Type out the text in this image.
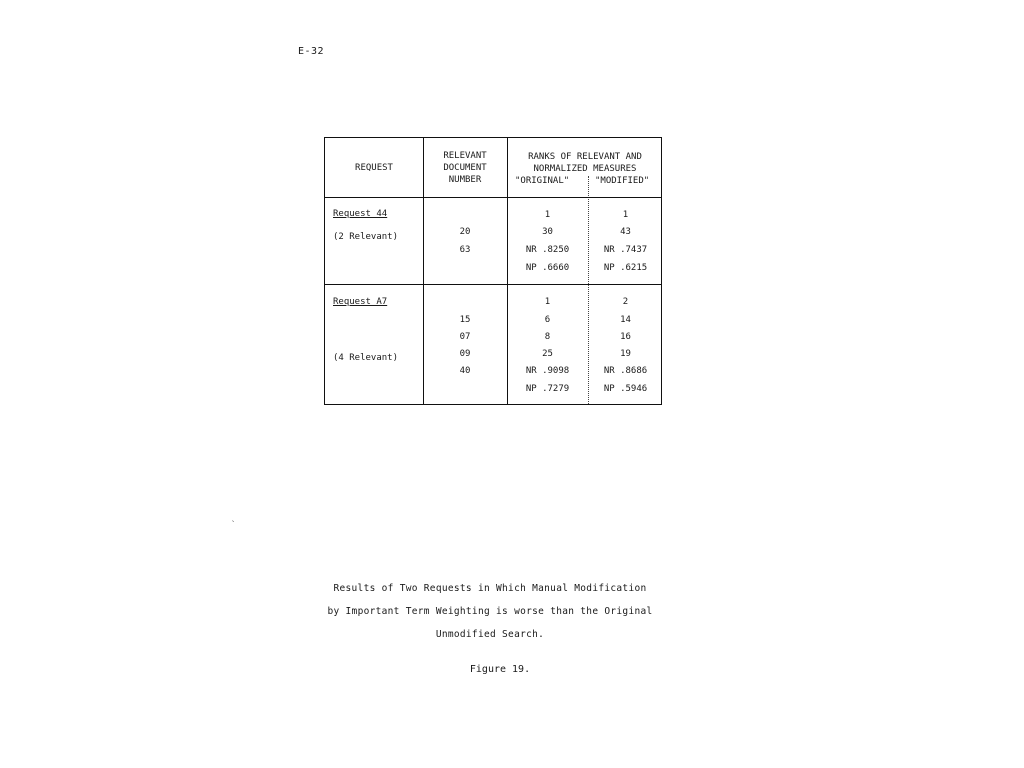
E-32
`
REQUEST
RELEVANT
DOCUMENT
NUMBER
RANKS OF RELEVANT AND
NORMALIZED MEASURES
"ORIGINAL"	"MODIFIED"
Request 44
(2 Relevant)	20
63
1
30
NR .8250
NP .6660
1
43
NR .7437
NP .6215
Request A7
(4 Relevant)
15
07
09
40
1
6
8
25
NR .9098
NP .7279
2
14
16
19
NR .8686
NP .5946
Results of Two Requests in Which Manual Modification
by Important Term Weighting is worse than the Original
Unmodified Search.
Figure 19.
